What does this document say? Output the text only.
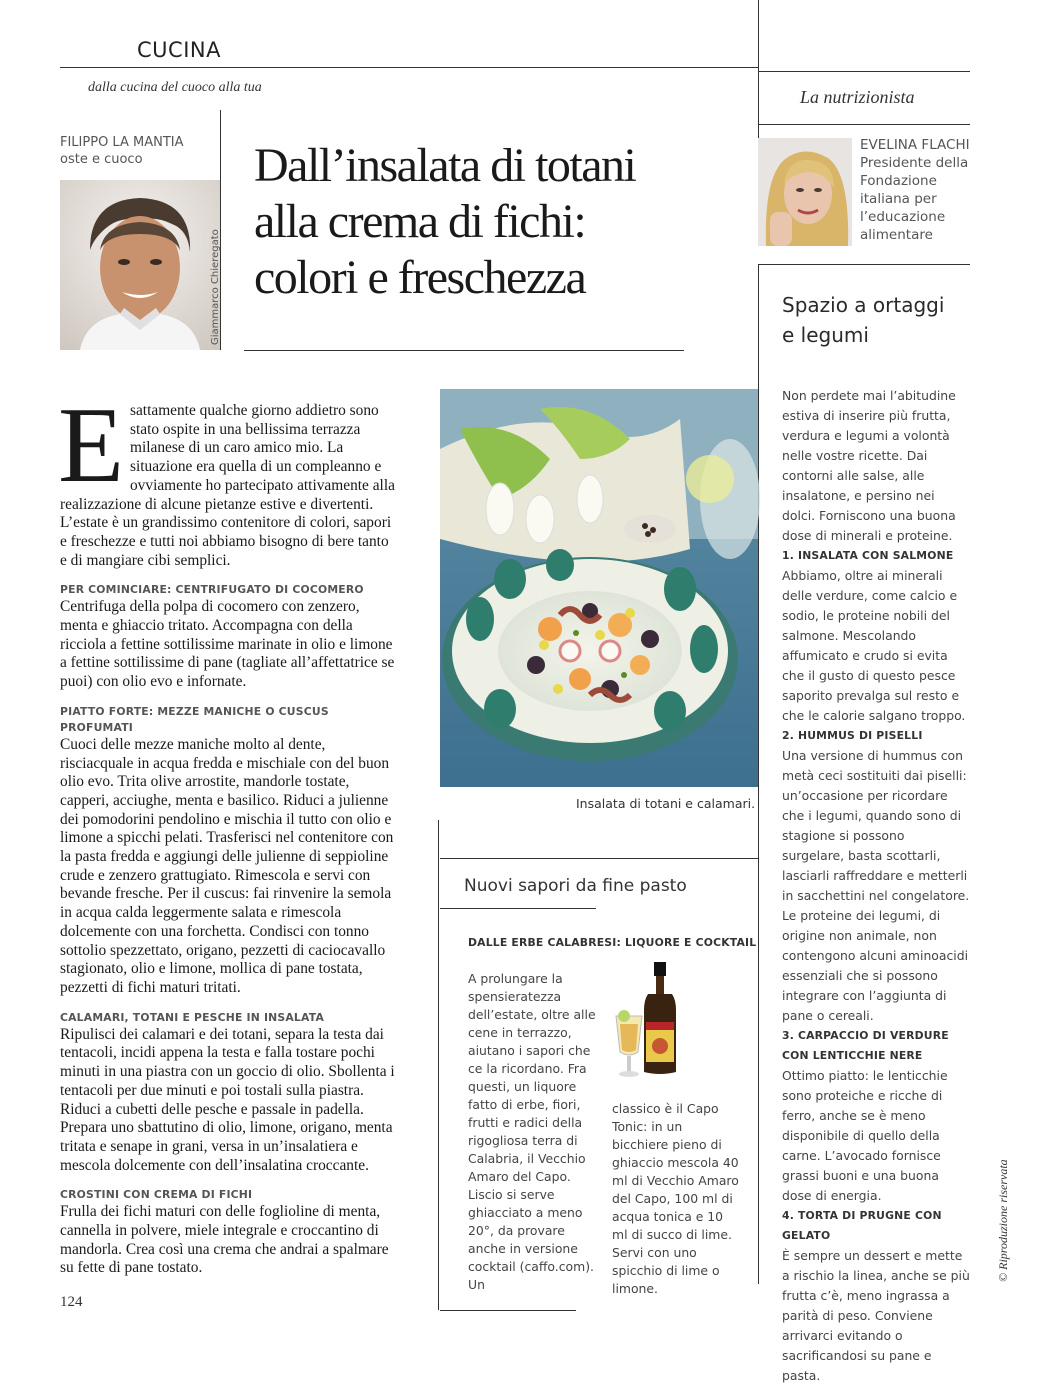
CUCINA
dalla cucina del cuoco alla tua	La nutrizionista
FILIPPO LA MANTIA
oste e cuoco
Giammarco Chieregato
Dall’insalata di totani
alla crema di fichi:
colori e freschezza
EVELINA FLACHI
Presidente della
Fondazione
italiana per
l’educazione
alimentare
Spazio a ortaggi
e legumi

Esattamente qualche giorno addietro sono stato ospite in una bellissima terrazza milanese di un caro amico mio. La situazione era quella di un compleanno e ovviamente ho partecipato attivamente alla realizzazione di alcune pietanze estive e divertenti. L’estate è un grandissimo contenitore di colori, sapori e freschezze e tutti noi abbiamo bisogno di bere tanto e di mangiare cibi semplici.

PER COMINCIARE: CENTRIFUGATO DI COCOMERO

Centrifuga della polpa di cocomero con zenzero, menta e ghiaccio tritato. Accompagna con della ricciola a fettine sottilissime marinate in olio e limone a fettine sottilissime di pane (tagliate all’affettatrice se puoi) con olio evo e infornate.

PIATTO FORTE: MEZZE MANICHE O CUSCUS PROFUMATI

Cuoci delle mezze maniche molto al dente, risciacquale in acqua fredda e mischiale con del buon olio evo. Trita olive arrostite, mandorle tostate, capperi, acciughe, menta e basilico. Riduci a julienne dei pomodorini pendolino e mischia il tutto con olio e limone a spicchi pelati. Trasferisci nel contenitore con la pasta fredda e aggiungi delle julienne di seppioline crude e zenzero grattugiato. Rimescola e servi con bevande fresche. Per il cuscus: fai rinvenire la semola in acqua calda leggermente salata e rimescola dolcemente con una forchetta. Condisci con tonno sottolio spezzettato, origano, pezzetti di caciocavallo stagionato, olio e limone, mollica di pane tostata, pezzetti di fichi maturi tritati.

CALAMARI, TOTANI E PESCHE IN INSALATA

Ripulisci dei calamari e dei totani, separa la testa dai tentacoli, incidi appena la testa e falla tostare pochi minuti in una piastra con un goccio di olio. Sbollenta i tentacoli per due minuti e poi tostali sulla piastra. Riduci a cubetti delle pesche e passale in padella. Prepara uno sbattutino di olio, limone, origano, menta tritata e senape in grani, versa in un’insalatiera e mescola dolcemente con dell’insalatina croccante.

CROSTINI CON CREMA DI FICHI

Frulla dei fichi maturi con delle foglioline di menta, cannella in polvere, miele integrale e croccantino di mandorla. Crea così una crema che andrai a spalmare su fette di pane tostato.

StockFood / La Cucina Italiana
Insalata di totani e calamari.
Nuovi sapori da fine pasto
DALLE ERBE CALABRESI: LIQUORE E COCKTAIL
A prolungare la spensieratezza dell’estate, oltre alle cene in terrazzo, aiutano i sapori che ce la ricordano. Fra questi, un liquore fatto di erbe, fiori, frutti e radici della rigogliosa terra di Calabria, il Vecchio Amaro del Capo. Liscio si serve ghiacciato a meno 20°, da provare anche in versione cocktail (caffo.com). Un
classico è il Capo Tonic: in un bicchiere pieno di ghiaccio mescola 40 ml di Vecchio Amaro del Capo, 100 ml di acqua tonica e 10 ml di succo di lime. Servi con uno spicchio di lime o limone.
Non perdete mai l’abitudine estiva di inserire più frutta, verdura e legumi a volontà nelle vostre ricette. Dai contorni alle salse, alle insalatone, e persino nei dolci. Forniscono una buona dose di minerali e proteine.
1. INSALATA CON SALMONE
Abbiamo, oltre ai minerali delle verdure, come calcio e sodio, le proteine nobili del salmone. Mescolando affumicato e crudo si evita che il gusto di questo pesce saporito prevalga sul resto e che le calorie salgano troppo.
2. HUMMUS DI PISELLI
Una versione di hummus con metà ceci sostituiti dai piselli: un’occasione per ricordare che i legumi, quando sono di stagione si possono surgelare, basta scottarli, lasciarli raffreddare e metterli in sacchettini nel congelatore. Le proteine dei legumi, di origine non animale, non contengono alcuni aminoacidi essenziali che si possono integrare con l’aggiunta di pane o cereali.
3. CARPACCIO DI VERDURE CON LENTICCHIE NERE
Ottimo piatto: le lenticchie sono proteiche e ricche di ferro, anche se è meno disponibile di quello della carne. L’avocado fornisce grassi buoni e una buona dose di energia.
4. TORTA DI PRUGNE CON GELATO
È sempre un dessert e mette a rischio la linea, anche se più frutta c’è, meno ingrassa a parità di peso. Conviene arrivarci evitando o sacrificandosi su pane e pasta.
124
© Riproduzione riservata
